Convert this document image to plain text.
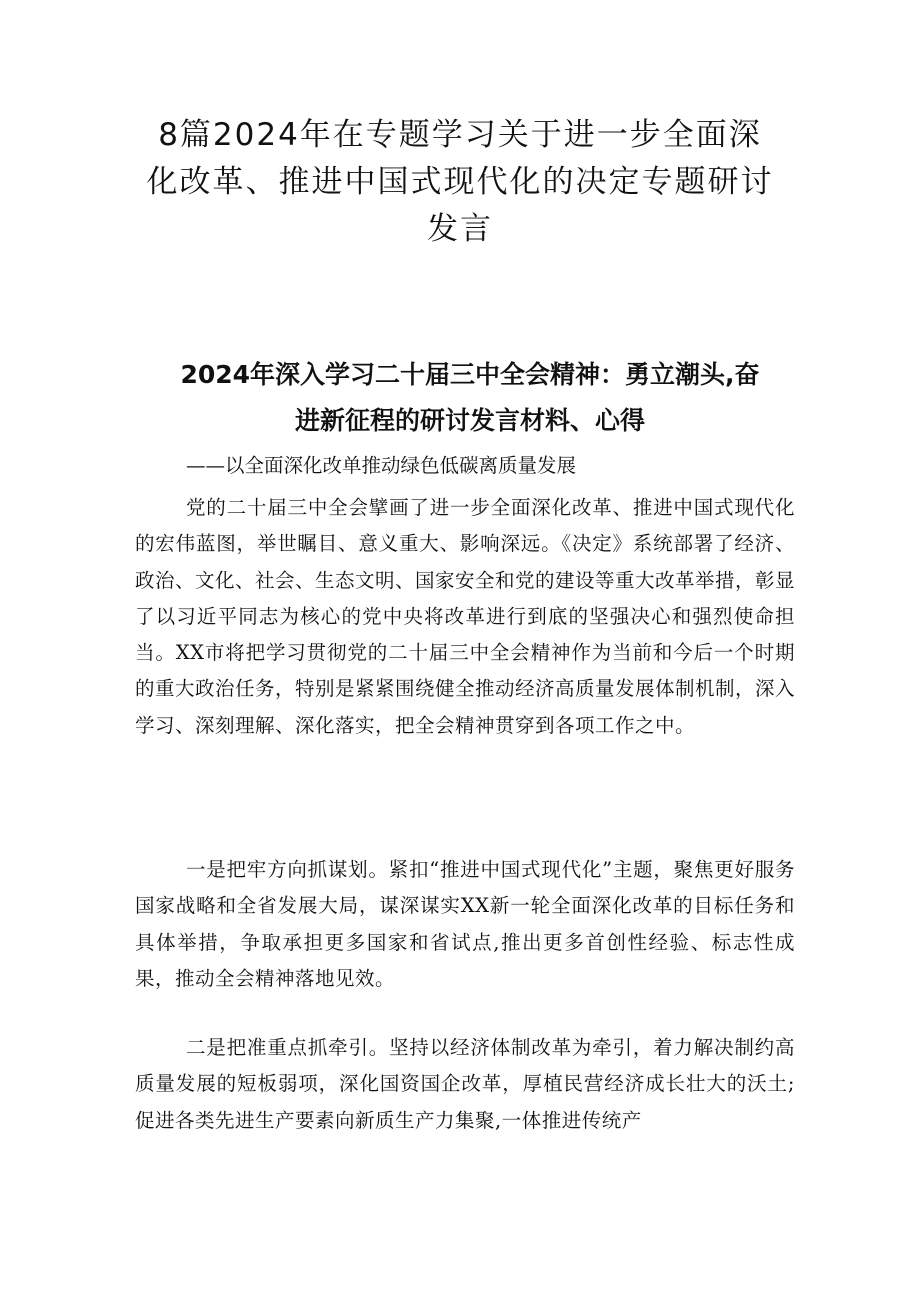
8篇2024年在专题学习关于进一步全面深
化改革、推进中国式现代化的决定专题研讨
发言
2024年深入学习二十届三中全会精神：勇立潮头,奋
进新征程的研讨发言材料、心得
——以全面深化改单推动绿色低碳离质量发展

党的二十届三中全会擘画了进一步全面深化改革、推进中国式现代化的宏伟蓝图，举世瞩目、意义重大、影响深远。《决定》系统部署了经济、政治、文化、社会、生态文明、国家安全和党的建设等重大改革举措，彰显了以习近平同志为核心的党中央将改革进行到底的坚强决心和强烈使命担当。XX市将把学习贯彻党的二十届三中全会精神作为当前和今后一个时期的重大政治任务，特别是紧紧围绕健全推动经济高质量发展体制机制，深入学习、深刻理解、深化落实，把全会精神贯穿到各项工作之中。

一是把牢方向抓谋划。紧扣“推进中国式现代化”主题，聚焦更好服务国家战略和全省发展大局，谋深谋实XX新一轮全面深化改革的目标任务和具体举措，争取承担更多国家和省试点,推出更多首创性经验、标志性成果，推动全会精神落地见效。

二是把准重点抓牵引。坚持以经济体制改革为牵引，着力解决制约高质量发展的短板弱项，深化国资国企改革，厚植民营经济成长壮大的沃土;促进各类先进生产要素向新质生产力集聚,一体推进传统产
